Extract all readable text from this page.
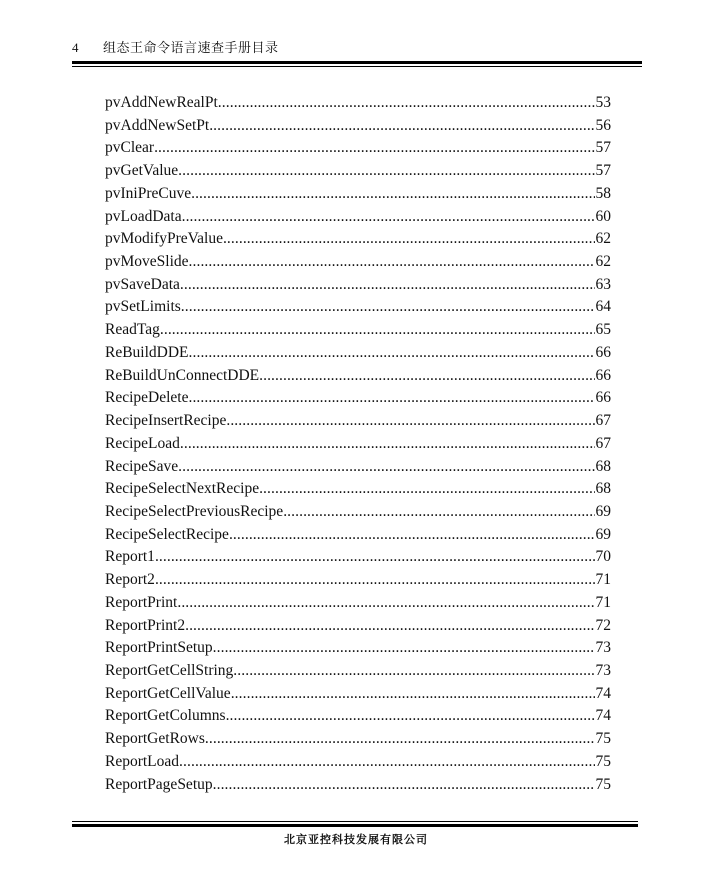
4 组态王命令语言速查手册目录
pvAddNewRealPt .....	53
pvAddNewSetPt .....	56
pvClear .....	57
pvGetValue .....	57
pvIniPreCuve .....	58
pvLoadData .....	60
pvModifyPreValue .....	62
pvMoveSlide .....	62
pvSaveData .....	63
pvSetLimits .....	64
ReadTag .....	65
ReBuildDDE .....	66
ReBuildUnConnectDDE .....	66
RecipeDelete .....	66
RecipeInsertRecipe .....	67
RecipeLoad .....	67
RecipeSave .....	68
RecipeSelectNextRecipe .....	68
RecipeSelectPreviousRecipe .....	69
RecipeSelectRecipe .....	69
Report1 .....	70
Report2 .....	71
ReportPrint .....	71
ReportPrint2 .....	72
ReportPrintSetup .....	73
ReportGetCellString .....	73
ReportGetCellValue .....	74
ReportGetColumns .....	74
ReportGetRows .....	75
ReportLoad .....	75
ReportPageSetup .....	75
北京亚控科技发展有限公司
